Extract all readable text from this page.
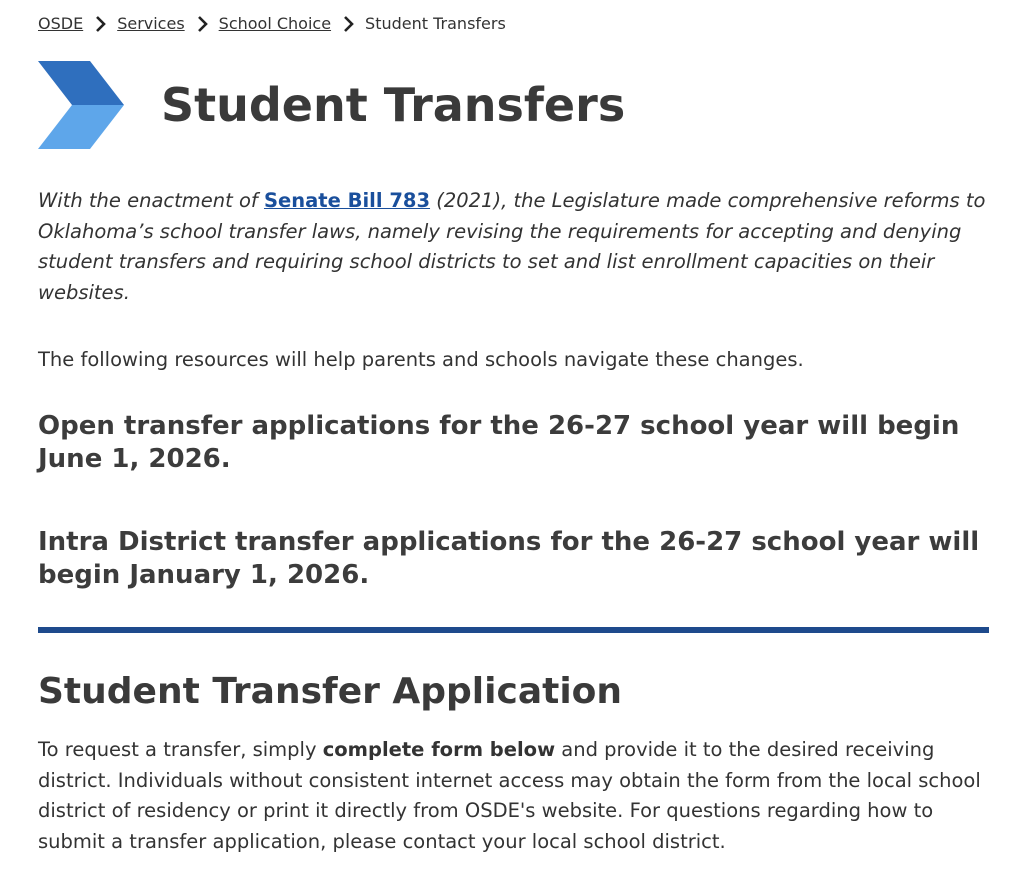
OSDE Services School Choice Student Transfers
Student Transfers

With the enactment of Senate Bill 783 (2021), the Legislature made comprehensive reforms to Oklahoma’s school transfer laws, namely revising the requirements for accepting and denying student transfers and requiring school districts to set and list enrollment capacities on their websites.

The following resources will help parents and schools navigate these changes.

Open transfer applications for the 26-27 school year will begin June 1, 2026.
Intra District transfer applications for the 26-27 school year will begin January 1, 2026.
Student Transfer Application

To request a transfer, simply complete form below and provide it to the desired receiving district. Individuals without consistent internet access may obtain the form from the local school district of residency or print it directly from OSDE's website. For questions regarding how to submit a transfer application, please contact your local school district.
